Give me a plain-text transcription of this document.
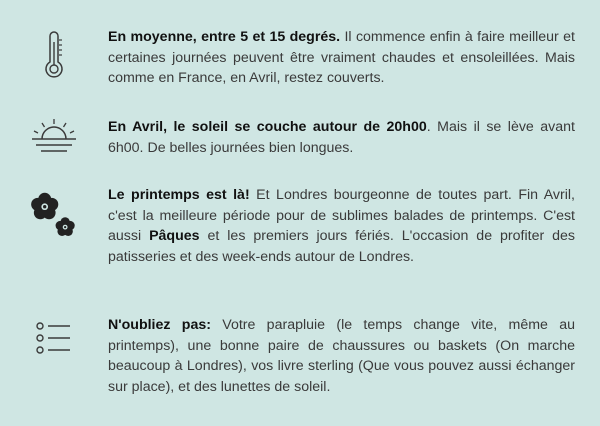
En moyenne, entre 5 et 15 degrés. Il commence enfin à faire meilleur et certaines journées peuvent être vraiment chaudes et ensoleillées. Mais comme en France, en Avril, restez couverts.
En Avril, le soleil se couche autour de 20h00. Mais il se lève avant 6h00. De belles journées bien longues.
Le printemps est là! Et Londres bourgeonne de toutes part. Fin Avril, c'est la meilleure période pour de sublimes balades de printemps. C'est aussi Pâques et les premiers jours fériés. L'occasion de profiter des patisseries et des week-ends autour de Londres.
N'oubliez pas: Votre parapluie (le temps change vite, même au printemps), une bonne paire de chaussures ou baskets (On marche beaucoup à Londres), vos livre sterling (Que vous pouvez aussi échanger sur place), et des lunettes de soleil.
